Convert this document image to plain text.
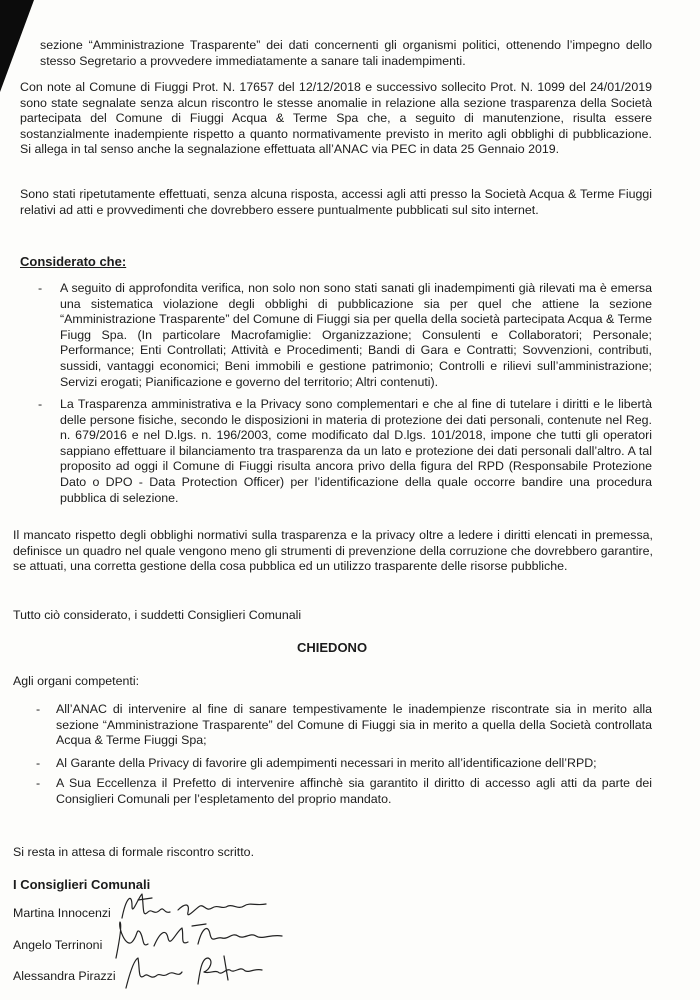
sezione “Amministrazione Trasparente” dei dati concernenti gli organismi politici, ottenendo l’impegno dello stesso Segretario a provvedere immediatamente a sanare tali inadempimenti.

Con note al Comune di Fiuggi Prot. N. 17657 del 12/12/2018 e successivo sollecito Prot. N. 1099 del 24/01/2019 sono state segnalate senza alcun riscontro le stesse anomalie in relazione alla sezione trasparenza della Società partecipata del Comune di Fiuggi Acqua & Terme Spa che, a seguito di manutenzione, risulta essere sostanzialmente inadempiente rispetto a quanto normativamente previsto in merito agli obblighi di pubblicazione. Si allega in tal senso anche la segnalazione effettuata all’ANAC via PEC in data 25 Gennaio 2019.

Sono stati ripetutamente effettuati, senza alcuna risposta, accessi agli atti presso la Società Acqua & Terme Fiuggi relativi ad atti e provvedimenti che dovrebbero essere puntualmente pubblicati sul sito internet.

Considerato che:

- A seguito di approfondita verifica, non solo non sono stati sanati gli inadempimenti già rilevati ma è emersa una sistematica violazione degli obblighi di pubblicazione sia per quel che attiene la sezione “Amministrazione Trasparente” del Comune di Fiuggi sia per quella della società partecipata Acqua & Terme Fiugg Spa. (In particolare Macrofamiglie: Organizzazione; Consulenti e Collaboratori; Personale; Performance; Enti Controllati; Attività e Procedimenti; Bandi di Gara e Contratti; Sovvenzioni, contributi, sussidi, vantaggi economici; Beni immobili e gestione patrimonio; Controlli e rilievi sull’amministrazione; Servizi erogati; Pianificazione e governo del territorio; Altri contenuti).

- La Trasparenza amministrativa e la Privacy sono complementari e che al fine di tutelare i diritti e le libertà delle persone fisiche, secondo le disposizioni in materia di protezione dei dati personali, contenute nel Reg. n. 679/2016 e nel D.lgs. n. 196/2003, come modificato dal D.lgs. 101/2018, impone che tutti gli operatori sappiano effettuare il bilanciamento tra trasparenza da un lato e protezione dei dati personali dall’altro. A tal proposito ad oggi il Comune di Fiuggi risulta ancora privo della figura del RPD (Responsabile Protezione Dato o DPO - Data Protection Officer) per l’identificazione della quale occorre bandire una procedura pubblica di selezione.

Il mancato rispetto degli obblighi normativi sulla trasparenza e la privacy oltre a ledere i diritti elencati in premessa, definisce un quadro nel quale vengono meno gli strumenti di prevenzione della corruzione che dovrebbero garantire, se attuati, una corretta gestione della cosa pubblica ed un utilizzo trasparente delle risorse pubbliche.

Tutto ciò considerato, i suddetti Consiglieri Comunali

CHIEDONO

Agli organi competenti:

- All’ANAC di intervenire al fine di sanare tempestivamente le inadempienze riscontrate sia in merito alla sezione “Amministrazione Trasparente” del Comune di Fiuggi sia in merito a quella della Società controllata Acqua & Terme Fiuggi Spa;

- Al Garante della Privacy di favorire gli adempimenti necessari in merito all’identificazione dell’RPD;

- A Sua Eccellenza il Prefetto di intervenire affinchè sia garantito il diritto di accesso agli atti da parte dei Consiglieri Comunali per l’espletamento del proprio mandato.

Si resta in attesa di formale riscontro scritto.

I Consiglieri Comunali

Martina Innocenzi
Angelo Terrinoni
Alessandra Pirazzi
